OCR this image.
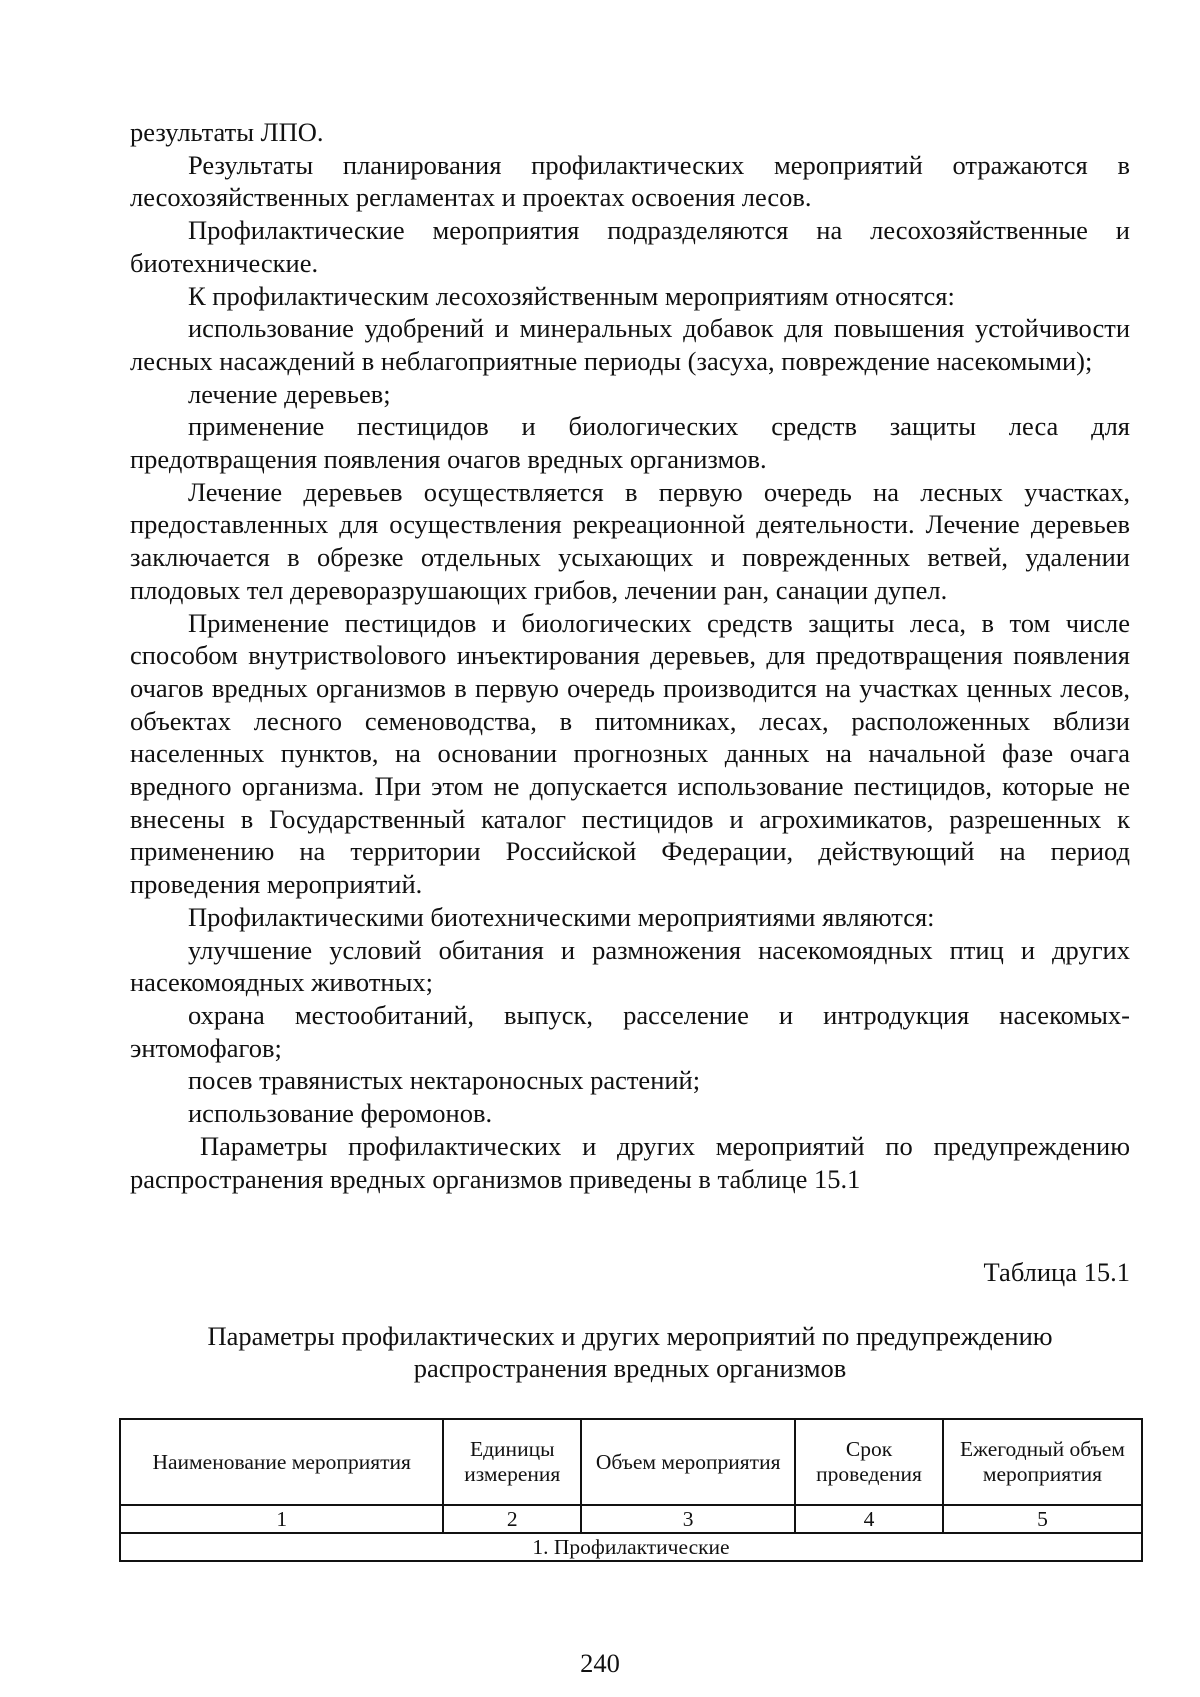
результаты ЛПО.

Результаты планирования профилактических мероприятий отражаются в лесохозяйственных регламентах и проектах освоения лесов.

Профилактические мероприятия подразделяются на лесохозяйственные и биотехнические.

К профилактическим лесохозяйственным мероприятиям относятся:

использование удобрений и минеральных добавок для повышения устойчивости лесных насаждений в неблагоприятные периоды (засуха, повреждение насекомыми);

лечение деревьев;

применение пестицидов и биологических средств защиты леса для предотвращения появления очагов вредных организмов.

Лечение деревьев осуществляется в первую очередь на лесных участках, предоставленных для осуществления рекреационной деятельности. Лечение деревьев заключается в обрезке отдельных усыхающих и поврежденных ветвей, удалении плодовых тел дереворазрушающих грибов, лечении ран, санации дупел.

Применение пестицидов и биологических средств защиты леса, в том числе способом внутриствolового инъектирования деревьев, для предотвращения появления очагов вредных организмов в первую очередь производится на участках ценных лесов, объектах лесного семеноводства, в питомниках, лесах, расположенных вблизи населенных пунктов, на основании прогнозных данных на начальной фазе очага вредного организма. При этом не допускается использование пестицидов, которые не внесены в Государственный каталог пестицидов и агрохимикатов, разрешенных к применению на территории Российской Федерации, действующий на период проведения мероприятий.

Профилактическими биотехническими мероприятиями являются:

улучшение условий обитания и размножения насекомоядных птиц и других насекомоядных животных;

охрана местообитаний, выпуск, расселение и интродукция насекомых-энтомофагов;

посев травянистых нектароносных растений;

использование феромонов.

Параметры профилактических и других мероприятий по предупреждению распространения вредных организмов приведены в таблице 15.1

Таблица 15.1
Параметры профилактических и других мероприятий по предупреждению
распространения вредных организмов
Наименование мероприятия	Единицы измерения	Объем мероприятия	Срок проведения	Ежегодный объем мероприятия
1	2	3	4	5
1. Профилактические				
240
